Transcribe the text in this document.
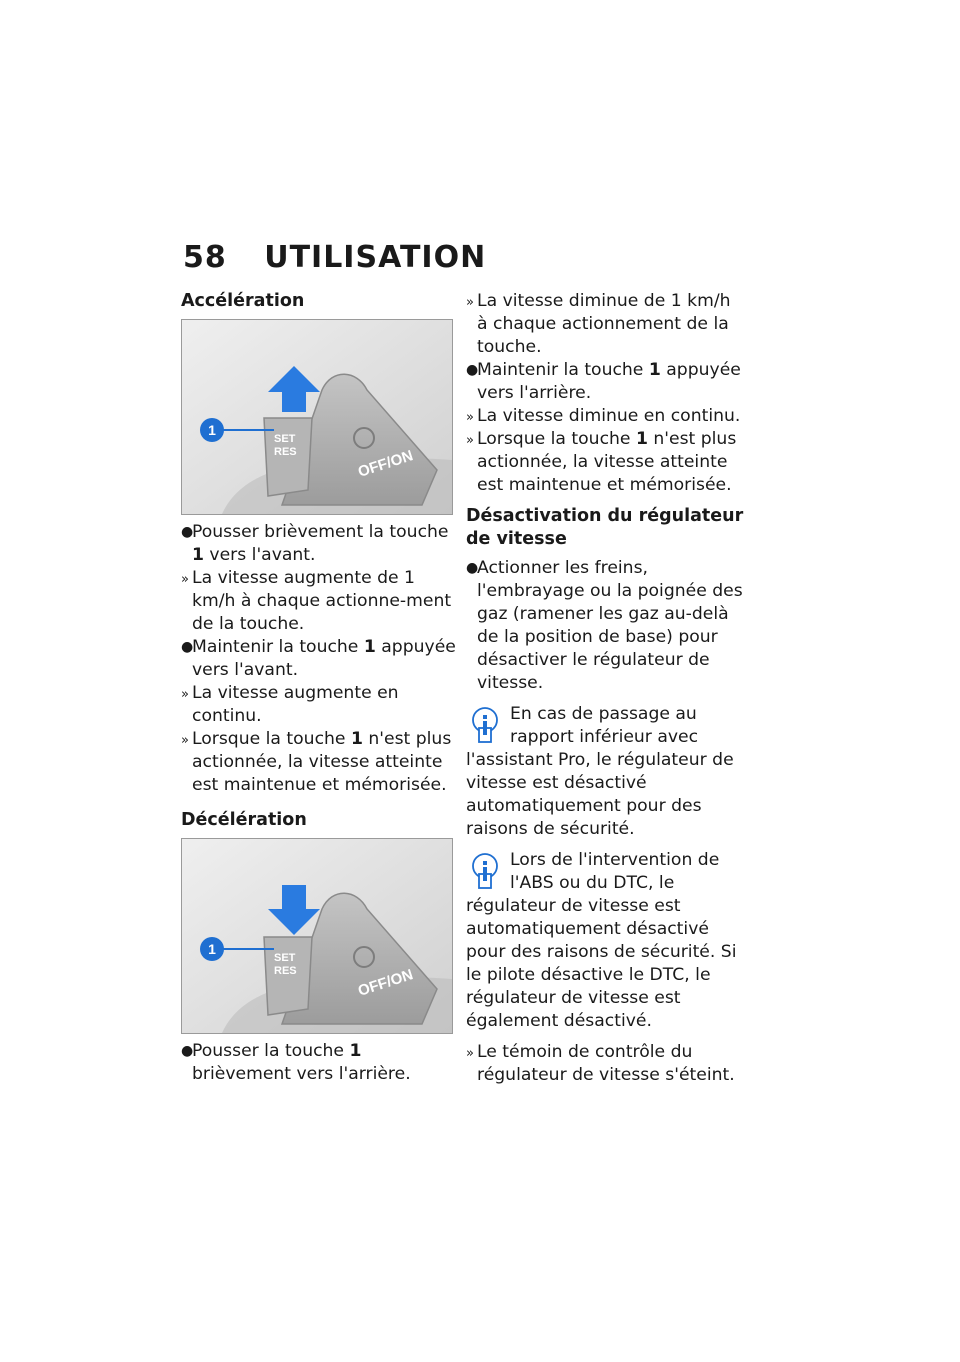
58 UTILISATION
Accélération
OFF/ON
SET
RES
1

●
Pousser brièvement la touche 1 vers l'avant.

» La vitesse augmente de 1 km/h à chaque actionne-ment de la touche.

●
Maintenir la touche 1 appuyée vers l'avant.

» La vitesse augmente en continu.

» Lorsque la touche 1 n'est plus actionnée, la vitesse atteinte est maintenue et mémorisée.

Décélération
OFF/ON
SET
RES
1

●
Pousser la touche 1 brièvement vers l'arrière.

» La vitesse diminue de 1 km/h à chaque actionnement de la touche.

●
Maintenir la touche 1 appuyée vers l'arrière.

» La vitesse diminue en continu.

» Lorsque la touche 1 n'est plus actionnée, la vitesse atteinte est maintenue et mémorisée.

Désactivation du régulateur de vitesse

●
Actionner les freins, l'embrayage ou la poignée des gaz (ramener les gaz au-delà de la position de base) pour désactiver le régulateur de vitesse.

En cas de passage au rapport inférieur avec l'assistant Pro, le régulateur de vitesse est désactivé automatiquement pour des raisons de sécurité.
Lors de l'intervention de l'ABS ou du DTC, le régulateur de vitesse est automatiquement désactivé pour des raisons de sécurité. Si le pilote désactive le DTC, le régulateur de vitesse est également désactivé.

» Le témoin de contrôle du régulateur de vitesse s'éteint.
